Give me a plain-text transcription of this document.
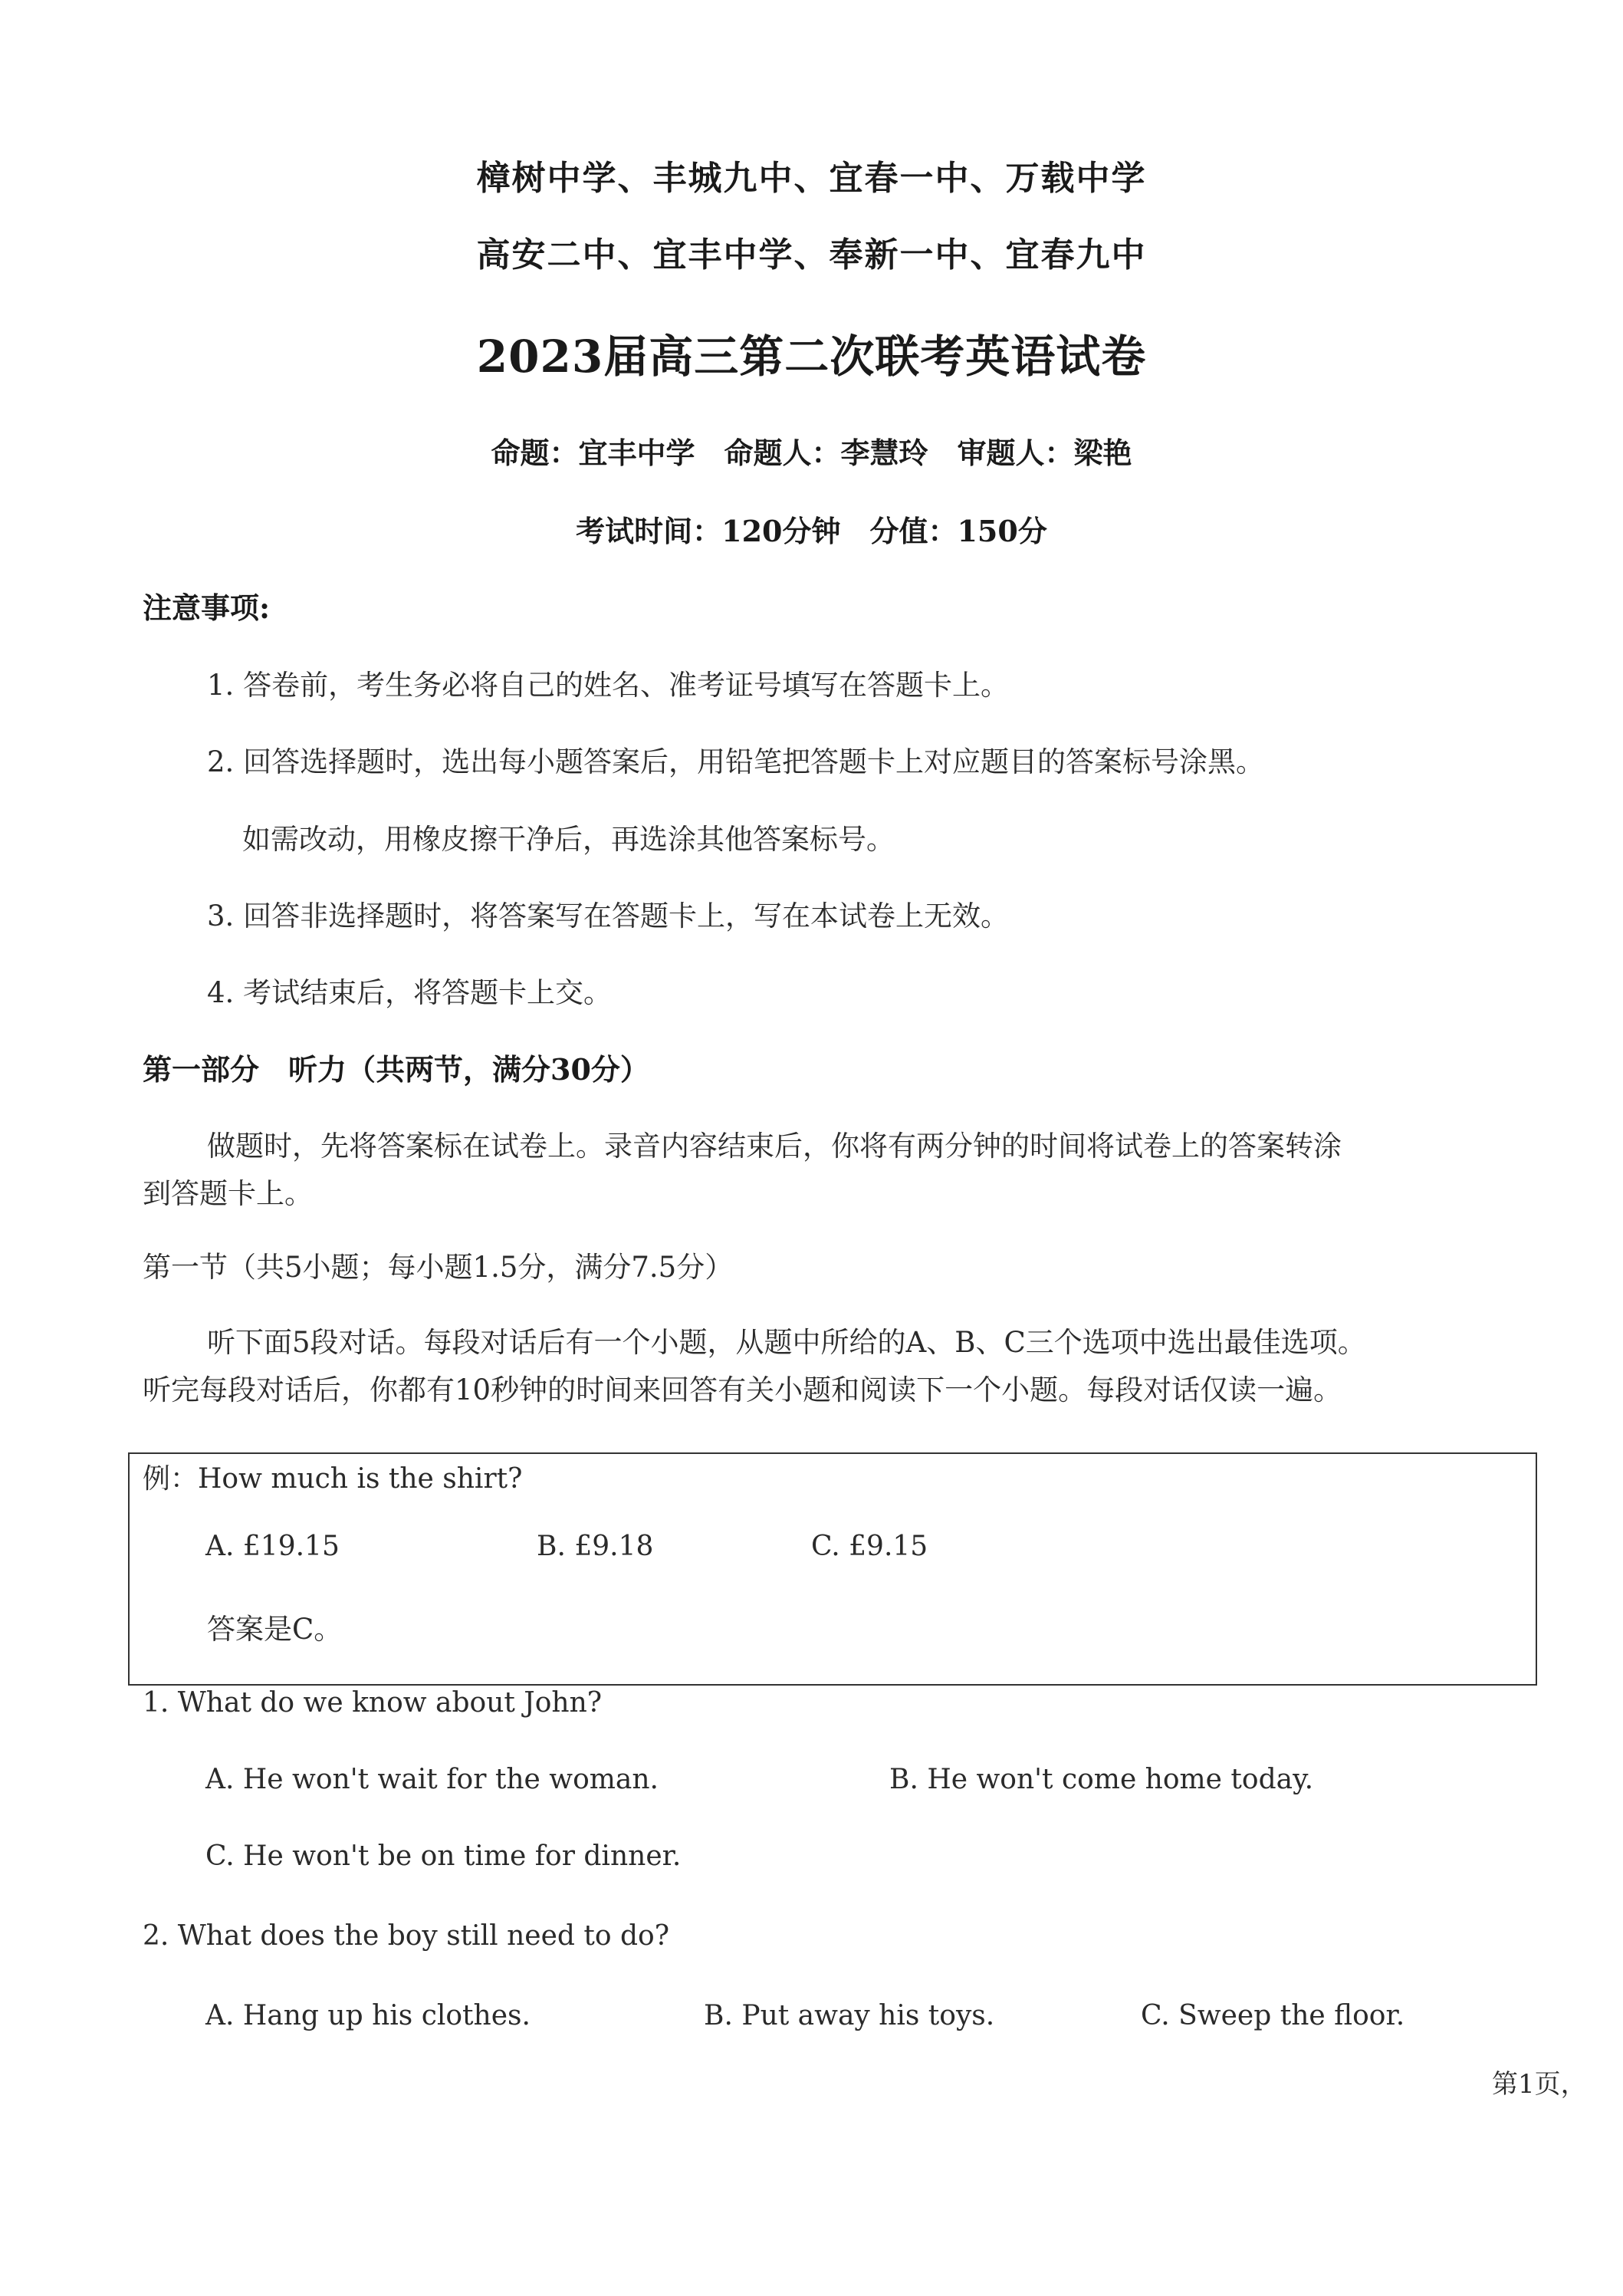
樟树中学、丰城九中、宜春一中、万载中学
高安二中、宜丰中学、奉新一中、宜春九中
2023届高三第二次联考英语试卷
命题：宜丰中学　命题人：李慧玲　审题人：梁艳
考试时间：120分钟　分值：150分
注意事项:
1. 答卷前，考生务必将自己的姓名、准考证号填写在答题卡上。
2. 回答选择题时，选出每小题答案后，用铅笔把答题卡上对应题目的答案标号涂黑。
如需改动，用橡皮擦干净后，再选涂其他答案标号。
3. 回答非选择题时，将答案写在答题卡上，写在本试卷上无效。
4. 考试结束后，将答题卡上交。
第一部分　听力（共两节，满分30分）
做题时，先将答案标在试卷上。录音内容结束后，你将有两分钟的时间将试卷上的答案转涂
到答题卡上。
第一节（共5小题；每小题1.5分，满分7.5分）
听下面5段对话。每段对话后有一个小题，从题中所给的A、B、C三个选项中选出最佳选项。
听完每段对话后，你都有10秒钟的时间来回答有关小题和阅读下一个小题。每段对话仅读一遍。
例：How much is the shirt?
A. £19.15	B. £9.18	C. £9.15
答案是C。
1. What do we know about John?
A. He won't wait for the woman.	B. He won't come home today.
C. He won't be on time for dinner.
2. What does the boy still need to do?
A. Hang up his clothes.	B. Put away his toys.	C. Sweep the floor.
第1页，
